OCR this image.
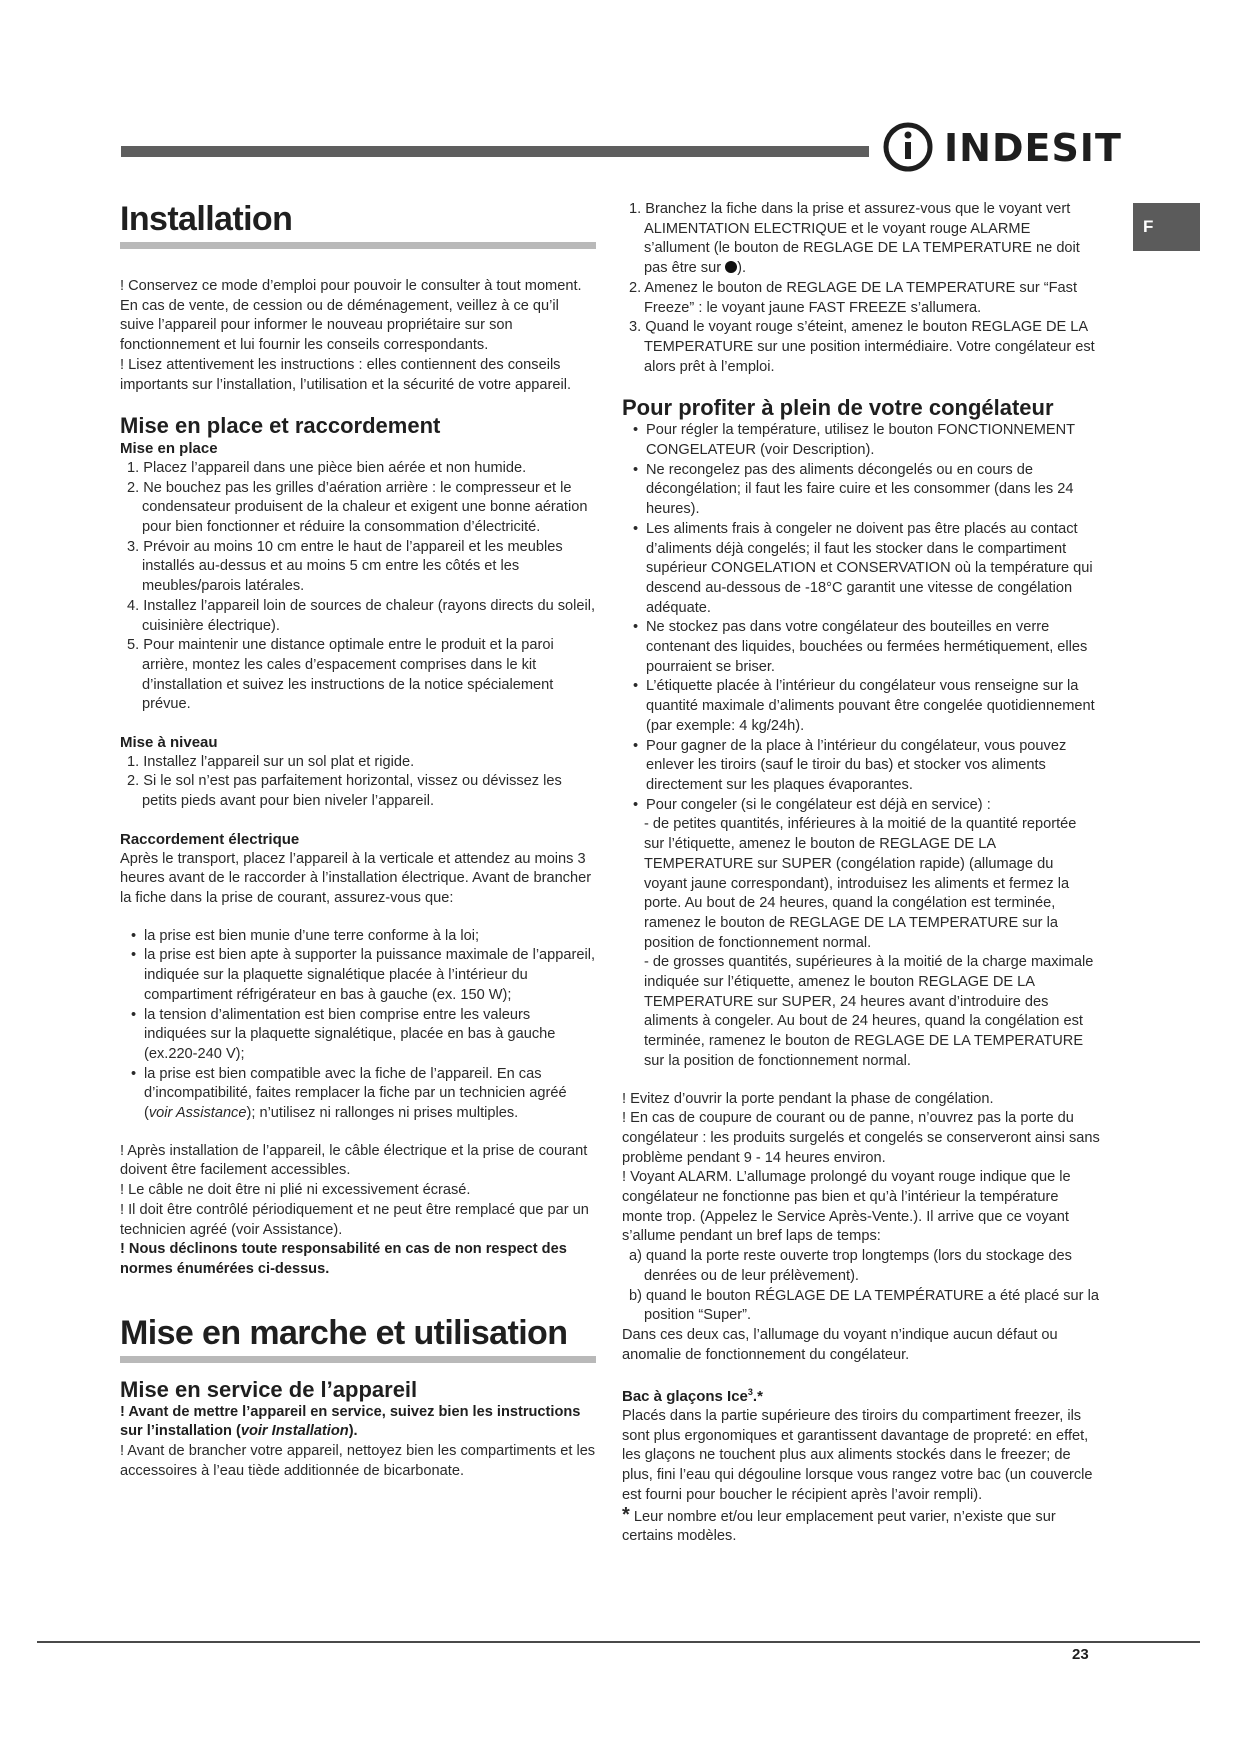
INDESIT
F
Installation

! Conservez ce mode d’emploi pour pouvoir le consulter à tout moment. En cas de vente, de cession ou de déménagement, veillez à ce qu’il suive l’appareil pour informer le nouveau propriétaire sur son fonctionnement et lui fournir les conseils correspondants.

! Lisez attentivement les instructions : elles contiennent des conseils importants sur l’installation, l’utilisation et la sécurité de votre appareil.

Mise en place et raccordement
Mise en place
1. Placez l’appareil dans une pièce bien aérée et non humide.
2. Ne bouchez pas les grilles d’aération arrière : le compresseur et le condensateur produisent de la chaleur et exigent une bonne aération pour bien fonctionner et réduire la consommation d’électricité.
3. Prévoir au moins 10 cm entre le haut de l’appareil et les meubles installés au-dessus et au moins 5 cm entre les côtés et les meubles/parois latérales.
4. Installez l’appareil loin de sources de chaleur (rayons directs du soleil, cuisinière électrique).
5. Pour maintenir une distance optimale entre le produit et la paroi arrière, montez les cales d’espacement comprises dans le kit d’installation et suivez les instructions de la notice spécialement prévue.
Mise à niveau
1. Installez l’appareil sur un sol plat et rigide.
2. Si le sol n’est pas parfaitement horizontal, vissez ou dévissez les petits pieds avant pour bien niveler l’appareil.
Raccordement électrique

Après le transport, placez l’appareil à la verticale et attendez au moins 3 heures avant de le raccorder à l’installation électrique. Avant de brancher la fiche dans la prise de courant, assurez-vous que:

• la prise est bien munie d’une terre conforme à la loi;
• la prise est bien apte à supporter la puissance maximale de l’appareil, indiquée sur la plaquette signalétique placée à l’intérieur du compartiment réfrigérateur en bas à gauche (ex. 150 W);
• la tension d’alimentation est bien comprise entre les valeurs indiquées sur la plaquette signalétique, placée en bas à gauche (ex.220-240 V);
• la prise est bien compatible avec la fiche de l’appareil. En cas d’incompatibilité, faites remplacer la fiche par un technicien agréé (voir Assistance); n’utilisez ni rallonges ni prises multiples.

! Après installation de l’appareil, le câble électrique et la prise de courant doivent être facilement accessibles.

! Le câble ne doit être ni plié ni excessivement écrasé.

! Il doit être contrôlé périodiquement et ne peut être remplacé que par un technicien agréé (voir Assistance).

! Nous déclinons toute responsabilité en cas de non respect des normes énumérées ci-dessus.

Mise en marche et utilisation
Mise en service de l’appareil

! Avant de mettre l’appareil en service, suivez bien les instructions sur l’installation (voir Installation).

! Avant de brancher votre appareil, nettoyez bien les compartiments et les accessoires à l’eau tiède additionnée de bicarbonate.

1. Branchez la fiche dans la prise et assurez-vous que le voyant vert ALIMENTATION ELECTRIQUE et le voyant rouge ALARME s’allument (le bouton de REGLAGE DE LA TEMPERATURE ne doit pas être sur ).
2. Amenez le bouton de REGLAGE DE LA TEMPERATURE sur “Fast Freeze” : le voyant jaune FAST FREEZE s’allumera.
3. Quand le voyant rouge s’éteint, amenez le bouton REGLAGE DE LA TEMPERATURE sur une position intermédiaire. Votre congélateur est alors prêt à l’emploi.
Pour profiter à plein de votre congélateur
• Pour régler la température, utilisez le bouton FONCTIONNEMENT CONGELATEUR (voir Description).
• Ne recongelez pas des aliments décongelés ou en cours de décongélation; il faut les faire cuire et les consommer (dans les 24 heures).
• Les aliments frais à congeler ne doivent pas être placés au contact d’aliments déjà congelés; il faut les stocker dans le compartiment supérieur CONGELATION et CONSERVATION où la température qui descend au-dessous de -18°C garantit une vitesse de congélation adéquate.
• Ne stockez pas dans votre congélateur des bouteilles en verre contenant des liquides, bouchées ou fermées hermétiquement, elles pourraient se briser.
• L’étiquette placée à l’intérieur du congélateur vous renseigne sur la quantité maximale d’aliments pouvant être congelée quotidiennement (par exemple: 4 kg/24h).
• Pour gagner de la place à l’intérieur du congélateur, vous pouvez enlever les tiroirs (sauf le tiroir du bas) et stocker vos aliments directement sur les plaques évaporantes.
• Pour congeler (si le congélateur est déjà en service) :

- de petites quantités, inférieures à la moitié de la quantité reportée sur l’étiquette, amenez le bouton de REGLAGE DE LA TEMPERATURE sur SUPER (congélation rapide) (allumage du voyant jaune correspondant), introduisez les aliments et fermez la porte. Au bout de 24 heures, quand la congélation est terminée, ramenez le bouton de REGLAGE DE LA TEMPERATURE sur la position de fonctionnement normal.

- de grosses quantités, supérieures à la moitié de la charge maximale indiquée sur l’étiquette, amenez le bouton REGLAGE DE LA TEMPERATURE sur SUPER, 24 heures avant d’introduire des aliments à congeler. Au bout de 24 heures, quand la congélation est terminée, ramenez le bouton de REGLAGE DE LA TEMPERATURE sur la position de fonctionnement normal.

! Evitez d’ouvrir la porte pendant la phase de congélation.

! En cas de coupure de courant ou de panne, n’ouvrez pas la porte du congélateur : les produits surgelés et congelés se conserveront ainsi sans problème pendant 9 - 14 heures environ.

! Voyant ALARM. L’allumage prolongé du voyant rouge indique que le congélateur ne fonctionne pas bien et qu’à l’intérieur la température monte trop. (Appelez le Service Après-Vente.). Il arrive que ce voyant s’allume pendant un bref laps de temps:

a) quand la porte reste ouverte trop longtemps (lors du stockage des denrées ou de leur prélèvement).
b) quand le bouton RÉGLAGE DE LA TEMPÉRATURE a été placé sur la position “Super”.

Dans ces deux cas, l’allumage du voyant n’indique aucun défaut ou anomalie de fonctionnement du congélateur.

Bac à glaçons Ice$^3$.*

Placés dans la partie supérieure des tiroirs du compartiment freezer, ils sont plus ergonomiques et garantissent davantage de propreté: en effet, les glaçons ne touchent plus aux aliments stockés dans le freezer; de plus, fini l’eau qui dégouline lorsque vous rangez votre bac (un couvercle est fourni pour boucher le récipient après l’avoir rempli).

* Leur nombre et/ou leur emplacement peut varier, n’existe que sur certains modèles.

23
